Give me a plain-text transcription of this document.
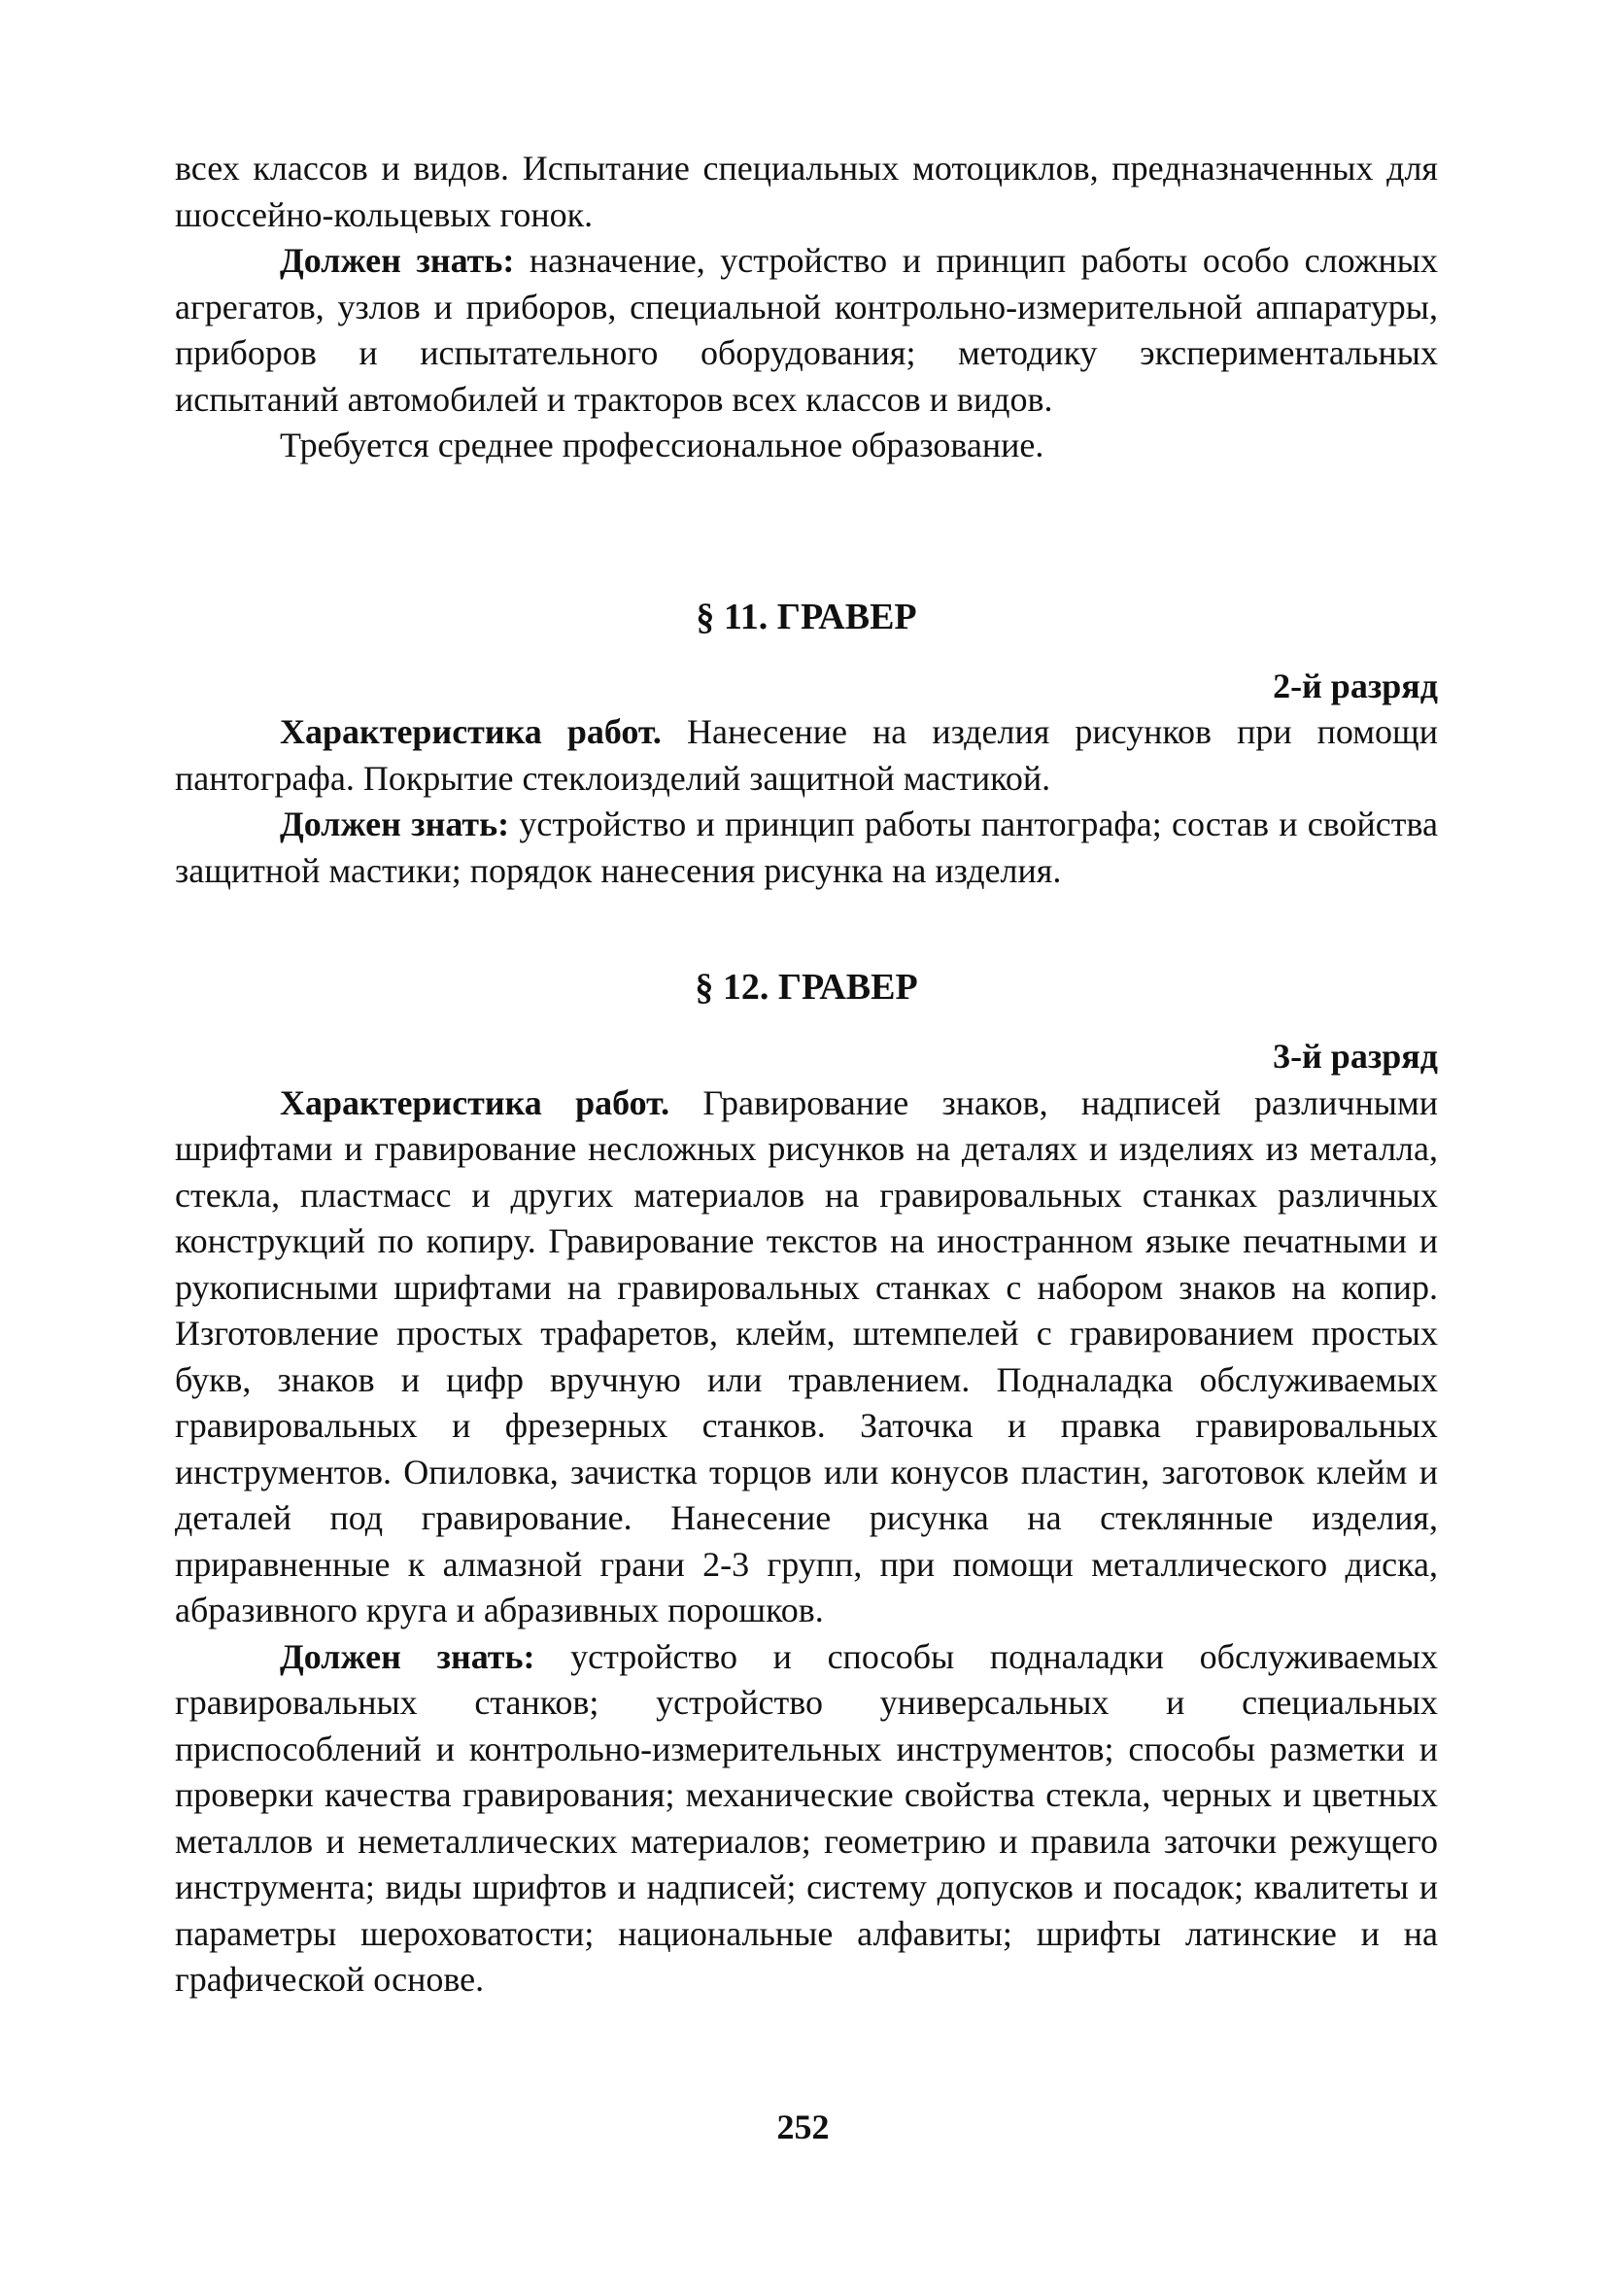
всех классов и видов. Испытание специальных мотоциклов, предназначенных для шоссейно-кольцевых гонок.

Должен знать: назначение, устройство и принцип работы особо сложных агрегатов, узлов и приборов, специальной контрольно-измерительной аппаратуры, приборов и испытательного оборудования; методику экспериментальных испытаний автомобилей и тракторов всех классов и видов.

Требуется среднее профессиональное образование.

§ 11. ГРАВЕР

2-й разряд

Характеристика работ. Нанесение на изделия рисунков при помощи пантографа. Покрытие стеклоизделий защитной мастикой.

Должен знать: устройство и принцип работы пантографа; состав и свойства защитной мастики; порядок нанесения рисунка на изделия.

§ 12. ГРАВЕР

3-й разряд

Характеристика работ. Гравирование знаков, надписей различными шрифтами и гравирование несложных рисунков на деталях и изделиях из металла, стекла, пластмасс и других материалов на гравировальных станках различных конструкций по копиру. Гравирование текстов на иностранном языке печатными и рукописными шрифтами на гравировальных станках с набором знаков на копир. Изготовление простых трафаретов, клейм, штемпелей с гравированием простых букв, знаков и цифр вручную или травлением. Подналадка обслуживаемых гравировальных и фрезерных станков. Заточка и правка гравировальных инструментов. Опиловка, зачистка торцов или конусов пластин, заготовок клейм и деталей под гравирование. Нанесение рисунка на стеклянные изделия, приравненные к алмазной грани 2-3 групп, при помощи металлического диска, абразивного круга и абразивных порошков.

Должен знать: устройство и способы подналадки обслуживаемых гравировальных станков; устройство универсальных и специальных приспособлений и контрольно-измерительных инструментов; способы разметки и проверки качества гравирования; механические свойства стекла, черных и цветных металлов и неметаллических материалов; геометрию и правила заточки режущего инструмента; виды шрифтов и надписей; систему допусков и посадок; квалитеты и параметры шероховатости; национальные алфавиты; шрифты латинские и на графической основе.

252
